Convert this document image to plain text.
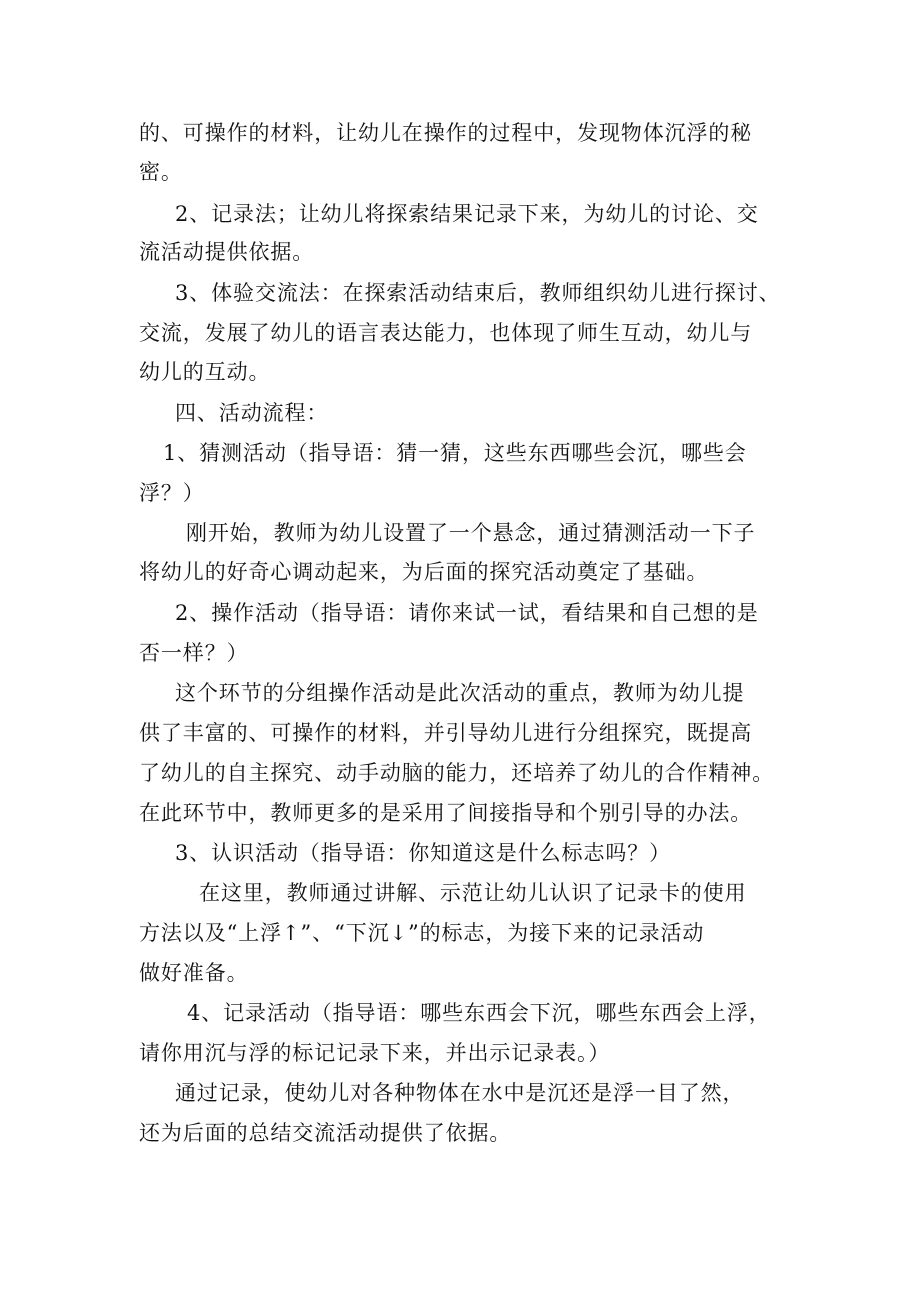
的、可操作的材料，让幼儿在操作的过程中，发现物体沉浮的秘

密。

2、记录法；让幼儿将探索结果记录下来，为幼儿的讨论、交

流活动提供依据。

3、体验交流法：在探索活动结束后，教师组织幼儿进行探讨、

交流，发展了幼儿的语言表达能力，也体现了师生互动，幼儿与

幼儿的互动。

四、活动流程：

1、猜测活动（指导语：猜一猜，这些东西哪些会沉，哪些会

浮？）

刚开始，教师为幼儿设置了一个悬念，通过猜测活动一下子

将幼儿的好奇心调动起来，为后面的探究活动奠定了基础。

2、操作活动（指导语：请你来试一试，看结果和自己想的是

否一样？）

这个环节的分组操作活动是此次活动的重点，教师为幼儿提

供了丰富的、可操作的材料，并引导幼儿进行分组探究，既提高

了幼儿的自主探究、动手动脑的能力，还培养了幼儿的合作精神。

在此环节中，教师更多的是采用了间接指导和个别引导的办法。

3、认识活动（指导语：你知道这是什么标志吗？）

在这里，教师通过讲解、示范让幼儿认识了记录卡的使用

方法以及“上浮↑”、“下沉↓”的标志，为接下来的记录活动

做好准备。

4、记录活动（指导语：哪些东西会下沉，哪些东西会上浮，

请你用沉与浮的标记记录下来，并出示记录表。）

通过记录，使幼儿对各种物体在水中是沉还是浮一目了然，

还为后面的总结交流活动提供了依据。
